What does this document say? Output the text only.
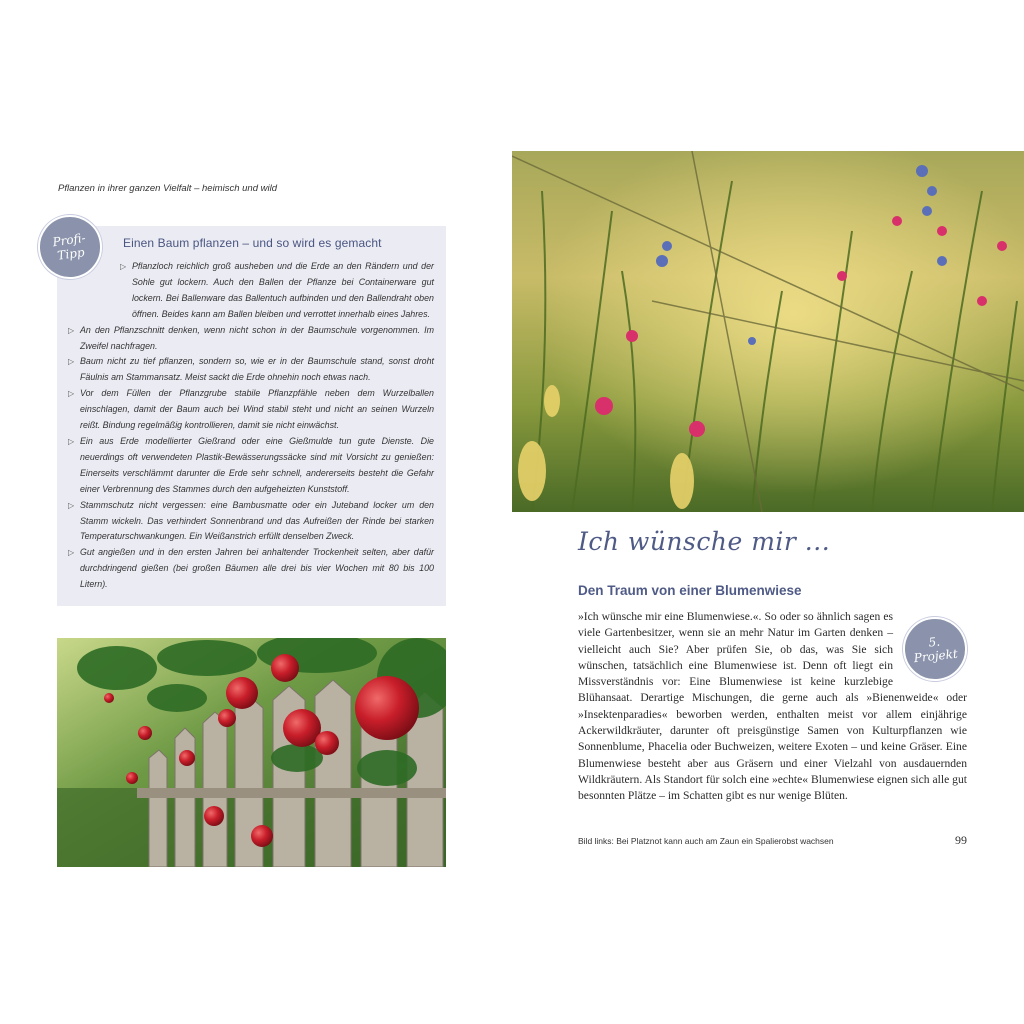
Pflanzen in ihrer ganzen Vielfalt – heimisch und wild
Profi-
Tipp
Einen Baum pflanzen – und so wird es gemacht
▷ Pflanzloch reichlich groß ausheben und die Erde an den Rändern und der Sohle gut lockern. Auch den Ballen der Pflanze bei Containerware gut lockern. Bei Ballenware das Ballentuch aufbinden und den Ballendraht oben öffnen. Beides kann am Ballen bleiben und verrottet innerhalb eines Jahres.
▷ An den Pflanzschnitt denken, wenn nicht schon in der Baumschule vorgenommen. Im Zweifel nachfragen.
▷ Baum nicht zu tief pflanzen, sondern so, wie er in der Baumschule stand, sonst droht Fäulnis am Stammansatz. Meist sackt die Erde ohnehin noch etwas nach.
▷ Vor dem Füllen der Pflanzgrube stabile Pflanzpfähle neben dem Wurzelballen einschlagen, damit der Baum auch bei Wind stabil steht und nicht an seinen Wurzeln reißt. Bindung regelmäßig kontrollieren, damit sie nicht einwächst.
▷ Ein aus Erde modellierter Gießrand oder eine Gießmulde tun gute Dienste. Die neuerdings oft verwendeten Plastik-Bewässerungssäcke sind mit Vorsicht zu genießen: Einerseits verschlämmt darunter die Erde sehr schnell, andererseits besteht die Gefahr einer Verbrennung des Stammes durch den aufgeheizten Kunststoff.
▷ Stammschutz nicht vergessen: eine Bambusmatte oder ein Juteband locker um den Stamm wickeln. Das verhindert Sonnenbrand und das Aufreißen der Rinde bei starken Temperaturschwankungen. Ein Weißanstrich erfüllt denselben Zweck.
▷ Gut angießen und in den ersten Jahren bei anhaltender Trockenheit selten, aber dafür durchdringend gießen (bei großen Bäumen alle drei bis vier Wochen mit 80 bis 100 Litern).
Ich wünsche mir ...
Den Traum von einer Blumenwiese
5.
Projekt
»Ich wünsche mir eine Blumenwiese.«. So oder so ähnlich sagen es viele Gartenbesitzer, wenn sie an mehr Natur im Garten denken – vielleicht auch Sie? Aber prüfen Sie, ob das, was Sie sich wünschen, tatsächlich eine Blumenwiese ist. Denn oft liegt ein Missverständnis vor: Eine Blumenwiese ist keine kurzlebige Blühansaat. Derartige Mischungen, die gerne auch als »Bienenweide« oder »Insektenparadies« beworben werden, enthalten meist vor allem einjährige Ackerwildkräuter, darunter oft preisgünstige Samen von Kulturpflanzen wie Sonnenblume, Phacelia oder Buchweizen, weitere Exoten – und keine Gräser. Eine Blumenwiese besteht aber aus Gräsern und einer Vielzahl von ausdauernden Wildkräutern. Als Standort für solch eine »echte« Blumenwiese eignen sich alle gut besonnten Plätze – im Schatten gibt es nur wenige Blüten.
Bild links: Bei Platznot kann auch am Zaun ein Spalierobst wachsen	99
